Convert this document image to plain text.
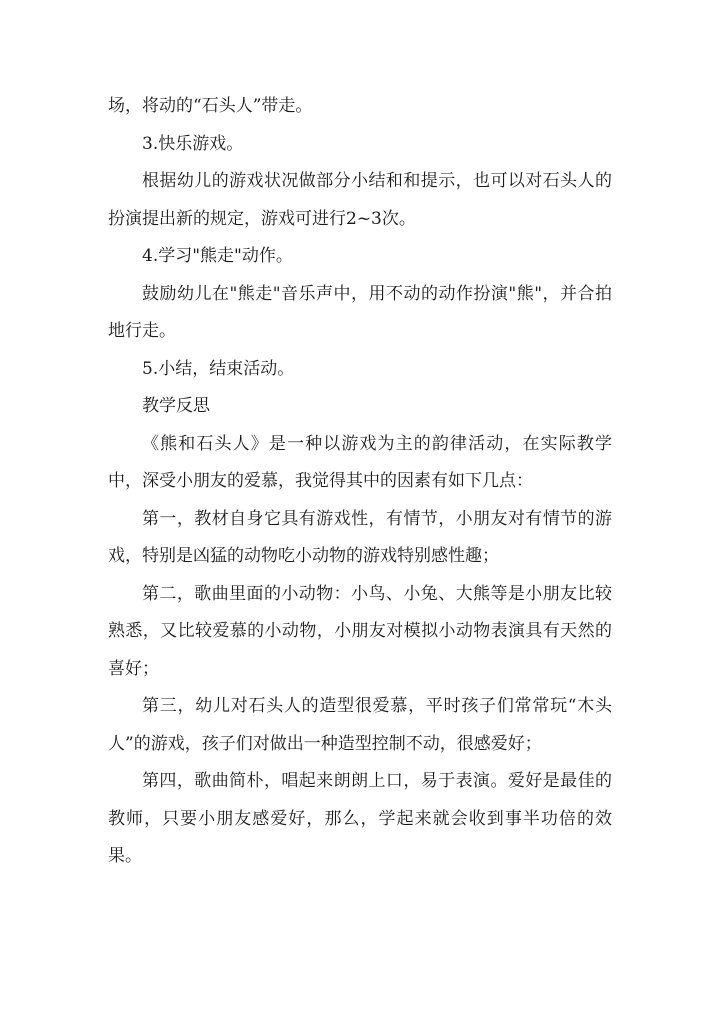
场，将动的“石头人”带走。

3.快乐游戏。

根据幼儿的游戏状况做部分小结和和提示，也可以对石头人的扮演提出新的规定，游戏可进行2~3次。

4.学习"熊走"动作。

鼓励幼儿在"熊走"音乐声中，用不动的动作扮演"熊"，并合拍地行走。

5.小结，结束活动。

教学反思

《熊和石头人》是一种以游戏为主的韵律活动，在实际教学中，深受小朋友的爱慕，我觉得其中的因素有如下几点：

第一，教材自身它具有游戏性，有情节，小朋友对有情节的游戏，特别是凶猛的动物吃小动物的游戏特别感性趣；

第二，歌曲里面的小动物：小鸟、小兔、大熊等是小朋友比较熟悉，又比较爱慕的小动物，小朋友对模拟小动物表演具有天然的喜好；

第三，幼儿对石头人的造型很爱慕，平时孩子们常常玩“木头人”的游戏，孩子们对做出一种造型控制不动，很感爱好；

第四，歌曲简朴，唱起来朗朗上口，易于表演。爱好是最佳的教师，只要小朋友感爱好，那么，学起来就会收到事半功倍的效果。
